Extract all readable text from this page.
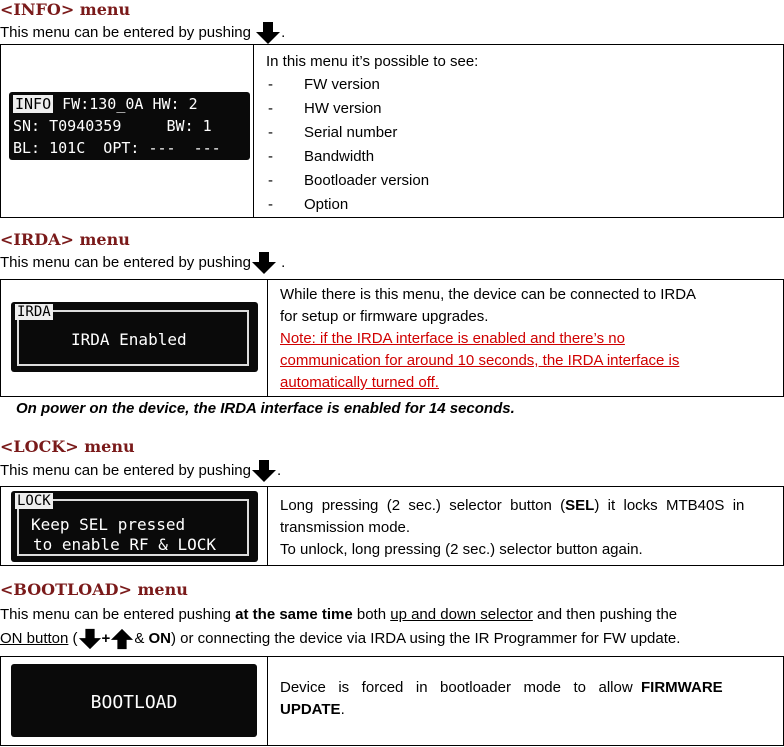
<INFO> menu
This menu can be entered by pushing .
INFO FW:130_0A HW: 2
SN: T0940359     BW: 1
BL: 101C  OPT: ---  ---

In this menu it’s possible to see:
- FW version
- HW version
- Serial number
- Bandwidth
- Bootloader version
- Option
<IRDA> menu
This menu can be entered by pushing .
IRDA
IRDA Enabled

While there is this menu, the device can be connected to IRDA
for setup or firmware upgrades.
Note: if the IRDA interface is enabled and there’s no
communication for around 10 seconds, the IRDA interface is
automatically turned off.
On power on the device, the IRDA interface is enabled for 14 seconds.
<LOCK> menu
This menu can be entered by pushing .
LOCK
Keep SEL pressed
to enable RF & LOCK

Long  pressing  (2  sec.)  selector  button  (SEL)  it  locks  MTB40S  in
transmission mode.
To unlock, long pressing (2 sec.) selector button again.
<BOOTLOAD> menu
This menu can be entered pushing at the same time both up and down selector and then pushing the
ON button ( + & ON) or connecting the device via IRDA using the IR Programmer for FW update.
BOOTLOAD

Device   is   forced   in   bootloader   mode   to   allow FIRMWARE
UPDATE.
